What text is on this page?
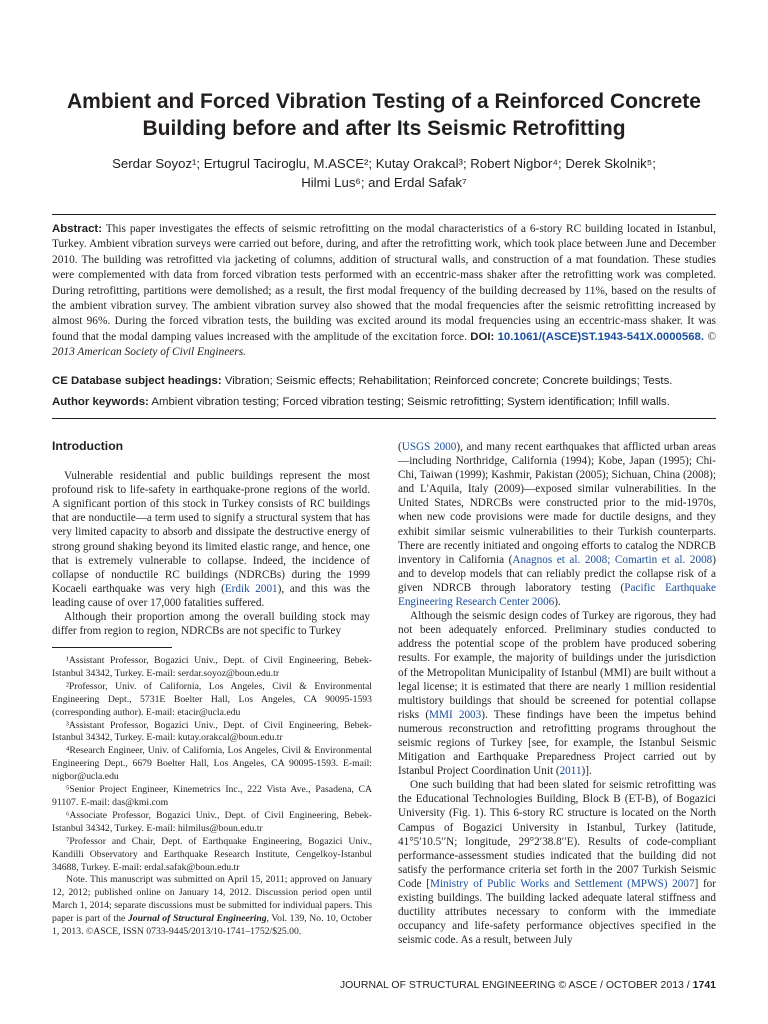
Ambient and Forced Vibration Testing of a Reinforced Concrete Building before and after Its Seismic Retrofitting
Serdar Soyoz¹; Ertugrul Taciroglu, M.ASCE²; Kutay Orakcal³; Robert Nigbor⁴; Derek Skolnik⁵;
Hilmi Lus⁶; and Erdal Safak⁷
Abstract: This paper investigates the effects of seismic retrofitting on the modal characteristics of a 6-story RC building located in Istanbul, Turkey. Ambient vibration surveys were carried out before, during, and after the retrofitting work, which took place between June and December 2010. The building was retrofitted via jacketing of columns, addition of structural walls, and construction of a mat foundation. These studies were complemented with data from forced vibration tests performed with an eccentric-mass shaker after the retrofitting work was completed. During retrofitting, partitions were demolished; as a result, the first modal frequency of the building decreased by 11%, based on the results of the ambient vibration survey. The ambient vibration survey also showed that the modal frequencies after the seismic retrofitting increased by almost 96%. During the forced vibration tests, the building was excited around its modal frequencies using an eccentric-mass shaker. It was found that the modal damping values increased with the amplitude of the excitation force. DOI: 10.1061/(ASCE)ST.1943-541X.0000568. © 2013 American Society of Civil Engineers.
CE Database subject headings: Vibration; Seismic effects; Rehabilitation; Reinforced concrete; Concrete buildings; Tests.
Author keywords: Ambient vibration testing; Forced vibration testing; Seismic retrofitting; System identification; Infill walls.
Introduction

Vulnerable residential and public buildings represent the most profound risk to life-safety in earthquake-prone regions of the world. A significant portion of this stock in Turkey consists of RC buildings that are nonductile—a term used to signify a structural system that has very limited capacity to absorb and dissipate the destructive energy of strong ground shaking beyond its limited elastic range, and hence, one that is extremely vulnerable to collapse. Indeed, the incidence of collapse of nonductile RC buildings (NDRCBs) during the 1999 Kocaeli earthquake was very high (Erdik 2001), and this was the leading cause of over 17,000 fatalities suffered.

Although their proportion among the overall building stock may differ from region to region, NDRCBs are not specific to Turkey

¹Assistant Professor, Bogazici Univ., Dept. of Civil Engineering, Bebek-Istanbul 34342, Turkey. E-mail: serdar.soyoz@boun.edu.tr

²Professor, Univ. of California, Los Angeles, Civil & Environmental Engineering Dept., 5731E Boelter Hall, Los Angeles, CA 90095-1593 (corresponding author). E-mail: etacir@ucla.edu

³Assistant Professor, Bogazici Univ., Dept. of Civil Engineering, Bebek-Istanbul 34342, Turkey. E-mail: kutay.orakcal@boun.edu.tr

⁴Research Engineer, Univ. of California, Los Angeles, Civil & Environmental Engineering Dept., 6679 Boelter Hall, Los Angeles, CA 90095-1593. E-mail: nigbor@ucla.edu

⁵Senior Project Engineer, Kinemetrics Inc., 222 Vista Ave., Pasadena, CA 91107. E-mail: das@kmi.com

⁶Associate Professor, Bogazici Univ., Dept. of Civil Engineering, Bebek-Istanbul 34342, Turkey. E-mail: hilmilus@boun.edu.tr

⁷Professor and Chair, Dept. of Earthquake Engineering, Bogazici Univ., Kandilli Observatory and Earthquake Research Institute, Cengelkoy-Istanbul 34688, Turkey. E-mail: erdal.safak@boun.edu.tr

Note. This manuscript was submitted on April 15, 2011; approved on January 12, 2012; published online on January 14, 2012. Discussion period open until March 1, 2014; separate discussions must be submitted for individual papers. This paper is part of the Journal of Structural Engineering, Vol. 139, No. 10, October 1, 2013. ©ASCE, ISSN 0733-9445/2013/10-1741–1752/$25.00.

(USGS 2000), and many recent earthquakes that afflicted urban areas—including Northridge, California (1994); Kobe, Japan (1995); Chi-Chi, Taiwan (1999); Kashmir, Pakistan (2005); Sichuan, China (2008); and L'Aquila, Italy (2009)—exposed similar vulnerabilities. In the United States, NDRCBs were constructed prior to the mid-1970s, when new code provisions were made for ductile designs, and they exhibit similar seismic vulnerabilities to their Turkish counterparts. There are recently initiated and ongoing efforts to catalog the NDRCB inventory in California (Anagnos et al. 2008; Comartin et al. 2008) and to develop models that can reliably predict the collapse risk of a given NDRCB through laboratory testing (Pacific Earthquake Engineering Research Center 2006).

Although the seismic design codes of Turkey are rigorous, they had not been adequately enforced. Preliminary studies conducted to address the potential scope of the problem have produced sobering results. For example, the majority of buildings under the jurisdiction of the Metropolitan Municipality of Istanbul (MMI) are built without a legal license; it is estimated that there are nearly 1 million residential multistory buildings that should be screened for potential collapse risks (MMI 2003). These findings have been the impetus behind numerous reconstruction and retrofitting programs throughout the seismic regions of Turkey [see, for example, the Istanbul Seismic Mitigation and Earthquake Preparedness Project carried out by Istanbul Project Coordination Unit (2011)].

One such building that had been slated for seismic retrofitting was the Educational Technologies Building, Block B (ET-B), of Bogazici University (Fig. 1). This 6-story RC structure is located on the North Campus of Bogazici University in Istanbul, Turkey (latitude, 41°5′10.5′′N; longitude, 29°2′38.8′′E). Results of code-compliant performance-assessment studies indicated that the building did not satisfy the performance criteria set forth in the 2007 Turkish Seismic Code [Ministry of Public Works and Settlement (MPWS) 2007] for existing buildings. The building lacked adequate lateral stiffness and ductility attributes necessary to conform with the immediate occupancy and life-safety performance objectives specified in the seismic code. As a result, between July

JOURNAL OF STRUCTURAL ENGINEERING © ASCE / OCTOBER 2013 / 1741
